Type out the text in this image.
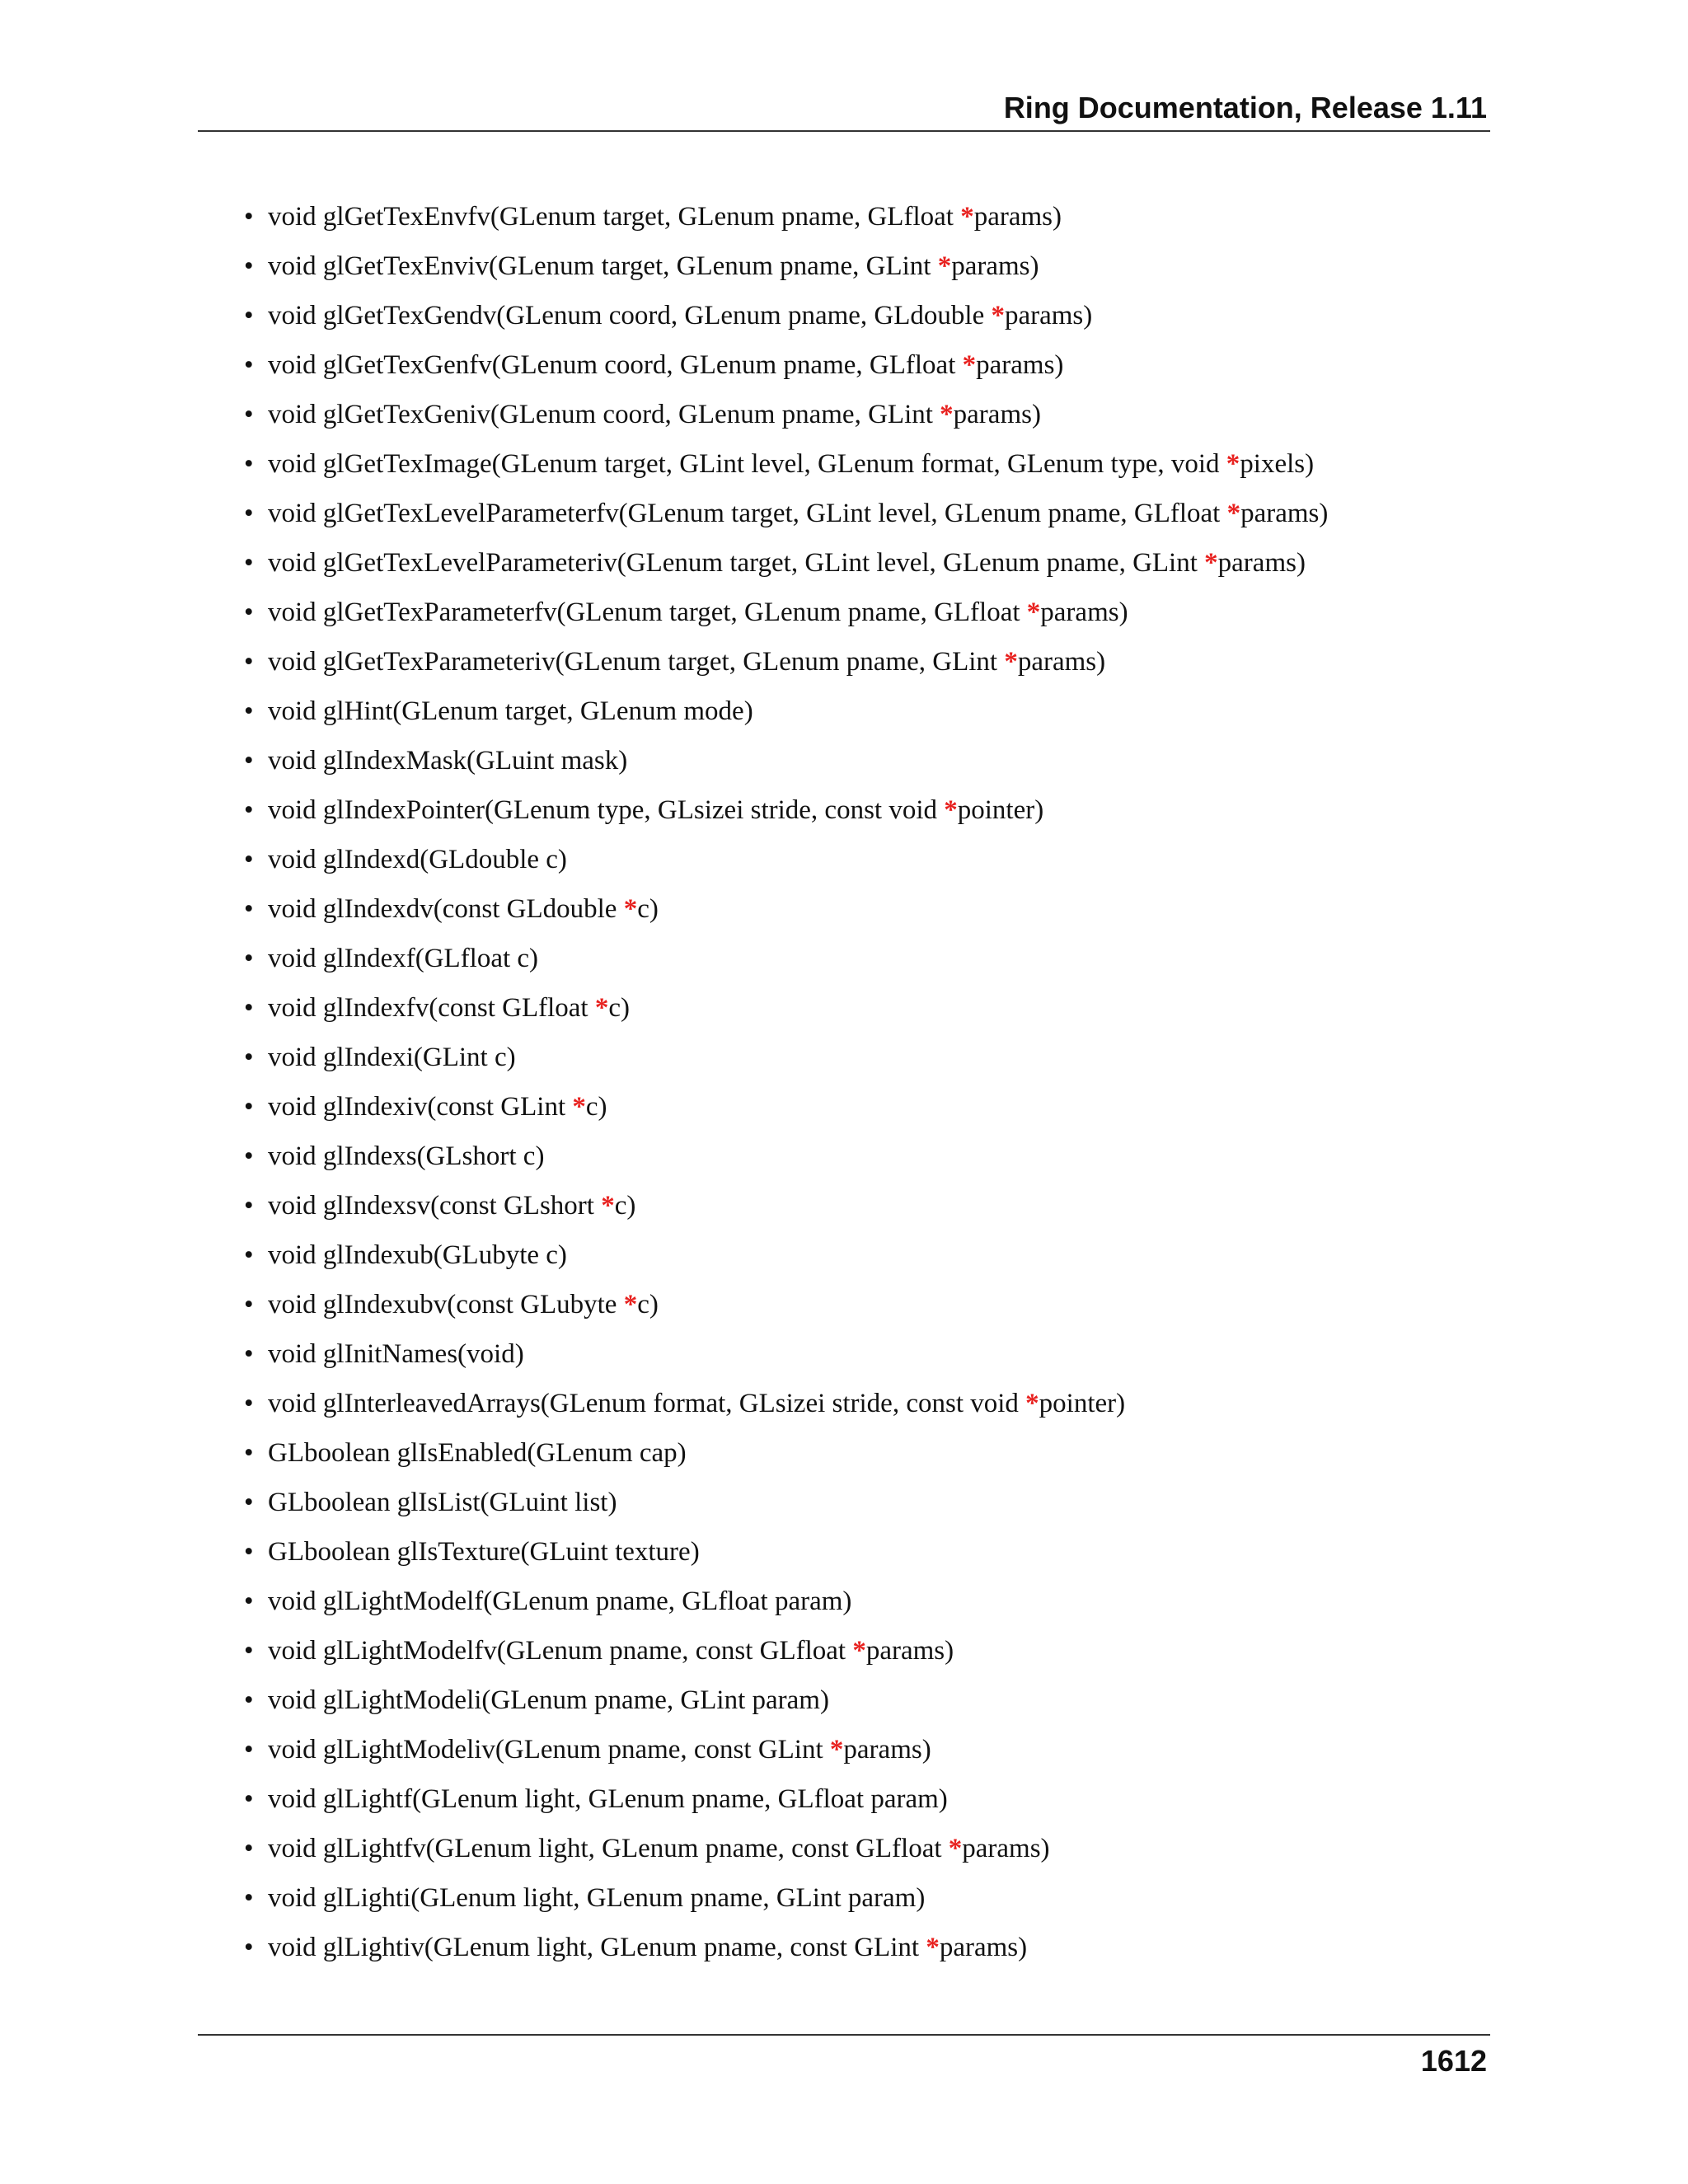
Ring Documentation, Release 1.11
• void glGetTexEnvfv(GLenum target, GLenum pname, GLfloat *params)
• void glGetTexEnviv(GLenum target, GLenum pname, GLint *params)
• void glGetTexGendv(GLenum coord, GLenum pname, GLdouble *params)
• void glGetTexGenfv(GLenum coord, GLenum pname, GLfloat *params)
• void glGetTexGeniv(GLenum coord, GLenum pname, GLint *params)
• void glGetTexImage(GLenum target, GLint level, GLenum format, GLenum type, void *pixels)
• void glGetTexLevelParameterfv(GLenum target, GLint level, GLenum pname, GLfloat *params)
• void glGetTexLevelParameteriv(GLenum target, GLint level, GLenum pname, GLint *params)
• void glGetTexParameterfv(GLenum target, GLenum pname, GLfloat *params)
• void glGetTexParameteriv(GLenum target, GLenum pname, GLint *params)
• void glHint(GLenum target, GLenum mode)
• void glIndexMask(GLuint mask)
• void glIndexPointer(GLenum type, GLsizei stride, const void *pointer)
• void glIndexd(GLdouble c)
• void glIndexdv(const GLdouble *c)
• void glIndexf(GLfloat c)
• void glIndexfv(const GLfloat *c)
• void glIndexi(GLint c)
• void glIndexiv(const GLint *c)
• void glIndexs(GLshort c)
• void glIndexsv(const GLshort *c)
• void glIndexub(GLubyte c)
• void glIndexubv(const GLubyte *c)
• void glInitNames(void)
• void glInterleavedArrays(GLenum format, GLsizei stride, const void *pointer)
• GLboolean glIsEnabled(GLenum cap)
• GLboolean glIsList(GLuint list)
• GLboolean glIsTexture(GLuint texture)
• void glLightModelf(GLenum pname, GLfloat param)
• void glLightModelfv(GLenum pname, const GLfloat *params)
• void glLightModeli(GLenum pname, GLint param)
• void glLightModeliv(GLenum pname, const GLint *params)
• void glLightf(GLenum light, GLenum pname, GLfloat param)
• void glLightfv(GLenum light, GLenum pname, const GLfloat *params)
• void glLighti(GLenum light, GLenum pname, GLint param)
• void glLightiv(GLenum light, GLenum pname, const GLint *params)
1612
